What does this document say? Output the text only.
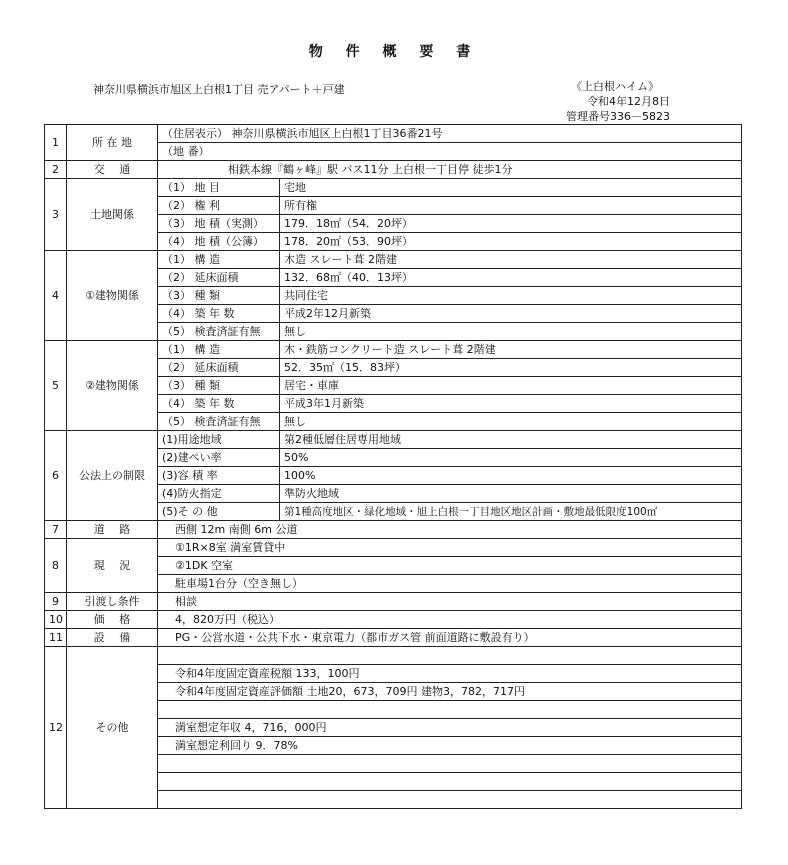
物 件 概 要 書
神奈川県横浜市旭区上白根1丁目 売アパート＋戸建	《上白根ハイム》
令和4年12月8日
管理番号336－5823
1	所 在 地	（住居表示） 神奈川県横浜市旭区上白根1丁目36番21号	
		（地 番）	
2	交　 通	相鉄本線『鶴ヶ峰』駅 バス11分 上白根一丁目停 徒歩1分	
3	土地関係	（1） 地 目	宅地
		（2） 権 利	所有権
		（3） 地 積（実測）	179．18㎡（54．20坪）
		（4） 地 積（公簿）	178．20㎡（53．90坪）
4	①建物関係	（1） 構 造	木造 スレート葺 2階建
		（2） 延床面積	132．68㎡（40．13坪）
		（3） 種 類	共同住宅
		（4） 築 年 数	平成2年12月新築
		（5） 検査済証有無	無し
5	②建物関係	（1） 構 造	木・鉄筋コンクリート造 スレート葺 2階建
		（2） 延床面積	52．35㎡（15．83坪）
		（3） 種 類	居宅・車庫
		（4） 築 年 数	平成3年1月新築
		（5） 検査済証有無	無し
6	公法上の制限	(1)用途地域	第2種低層住居専用地域
		(2)建ぺい率	50%
		(3)容 積 率	100%
		(4)防火指定	準防火地域
		(5)そ の 他	第1種高度地区・緑化地域・旭上白根一丁目地区地区計画・敷地最低限度100㎡
7	道　 路	西側 12m 南側 6m 公道	
8	現　 況	①1R×8室 満室賃貸中	
		②1DK 空室	
		駐車場1台分（空き無し）	
9	引渡し条件	相談	
10	価　 格	4，820万円（税込）	
11	設　 備	PG・公営水道・公共下水・東京電力（都市ガス管 前面道路に敷設有り）	
12	その他		
		令和4年度固定資産税額 133，100円	
		令和4年度固定資産評価額 土地20，673，709円 建物3，782，717円	

		満室想定年収 4，716，000円	
		満室想定利回り 9．78%	
